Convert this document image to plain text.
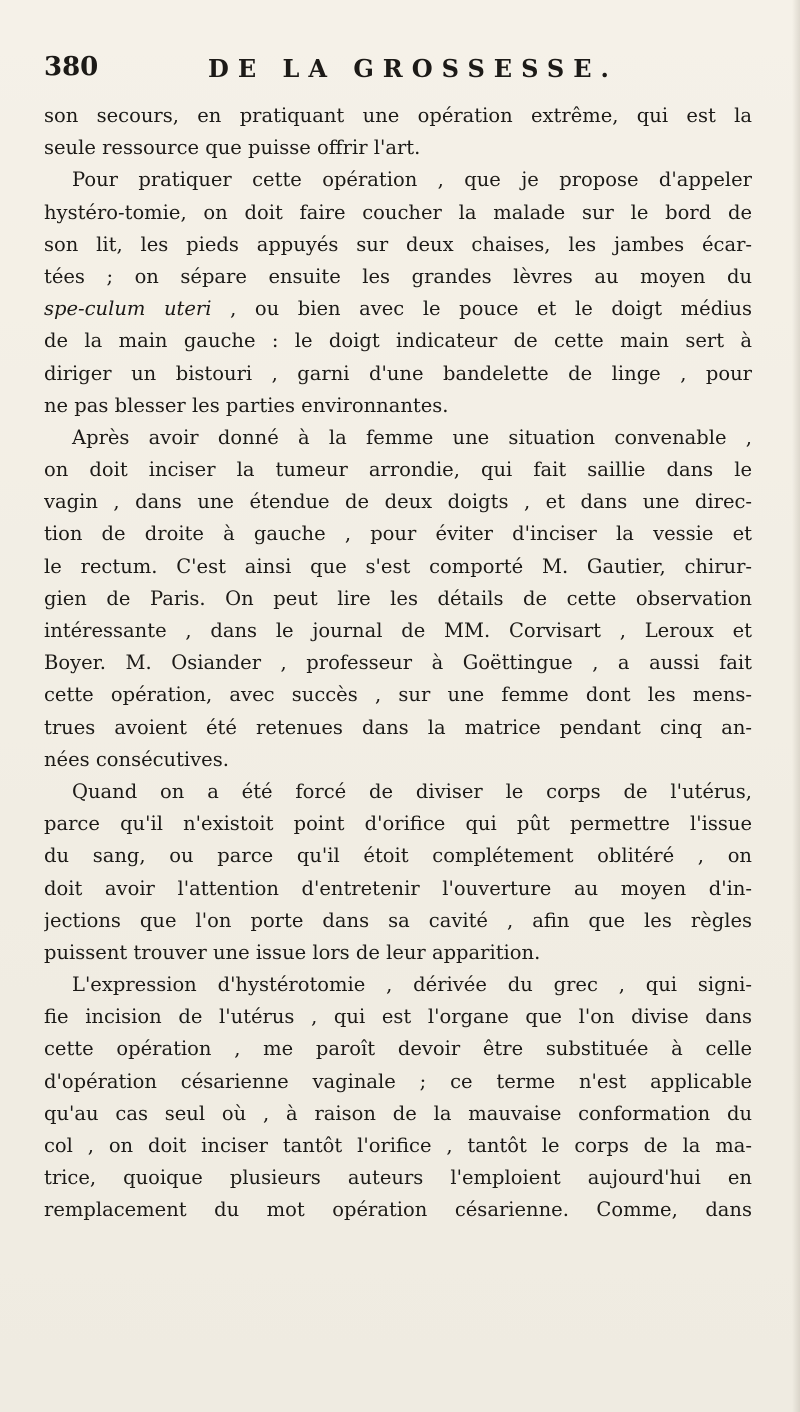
380	DE LA GROSSESSE.
son secours, en pratiquant une opération extrême, qui est la
seule ressource que puisse offrir l'art.
Pour pratiquer cette opération , que je propose d'appeler
hystéro-tomie, on doit faire coucher la malade sur le bord de
son lit, les pieds appuyés sur deux chaises, les jambes écar-
tées ; on sépare ensuite les grandes lèvres au moyen du
spe-culum uteri , ou bien avec le pouce et le doigt médius
de la main gauche : le doigt indicateur de cette main sert à
diriger un bistouri , garni d'une bandelette de linge , pour
ne pas blesser les parties environnantes.
Après avoir donné à la femme une situation convenable ,
on doit inciser la tumeur arrondie, qui fait saillie dans le
vagin , dans une étendue de deux doigts , et dans une direc-
tion de droite à gauche , pour éviter d'inciser la vessie et
le rectum. C'est ainsi que s'est comporté M. Gautier, chirur-
gien de Paris. On peut lire les détails de cette observation
intéressante , dans le journal de MM. Corvisart , Leroux et
Boyer. M. Osiander , professeur à Goëttingue , a aussi fait
cette opération, avec succès , sur une femme dont les mens-
trues avoient été retenues dans la matrice pendant cinq an-
nées consécutives.
Quand on a été forcé de diviser le corps de l'utérus,
parce qu'il n'existoit point d'orifice qui pût permettre l'issue
du sang, ou parce qu'il étoit complétement oblitéré , on
doit avoir l'attention d'entretenir l'ouverture au moyen d'in-
jections que l'on porte dans sa cavité , afin que les règles
puissent trouver une issue lors de leur apparition.
L'expression d'hystérotomie , dérivée du grec , qui signi-
fie incision de l'utérus , qui est l'organe que l'on divise dans
cette opération , me paroît devoir être substituée à celle
d'opération césarienne vaginale ; ce terme n'est applicable
qu'au cas seul où , à raison de la mauvaise conformation du
col , on doit inciser tantôt l'orifice , tantôt le corps de la ma-
trice, quoique plusieurs auteurs l'emploient aujourd'hui en
remplacement du mot opération césarienne. Comme, dans
